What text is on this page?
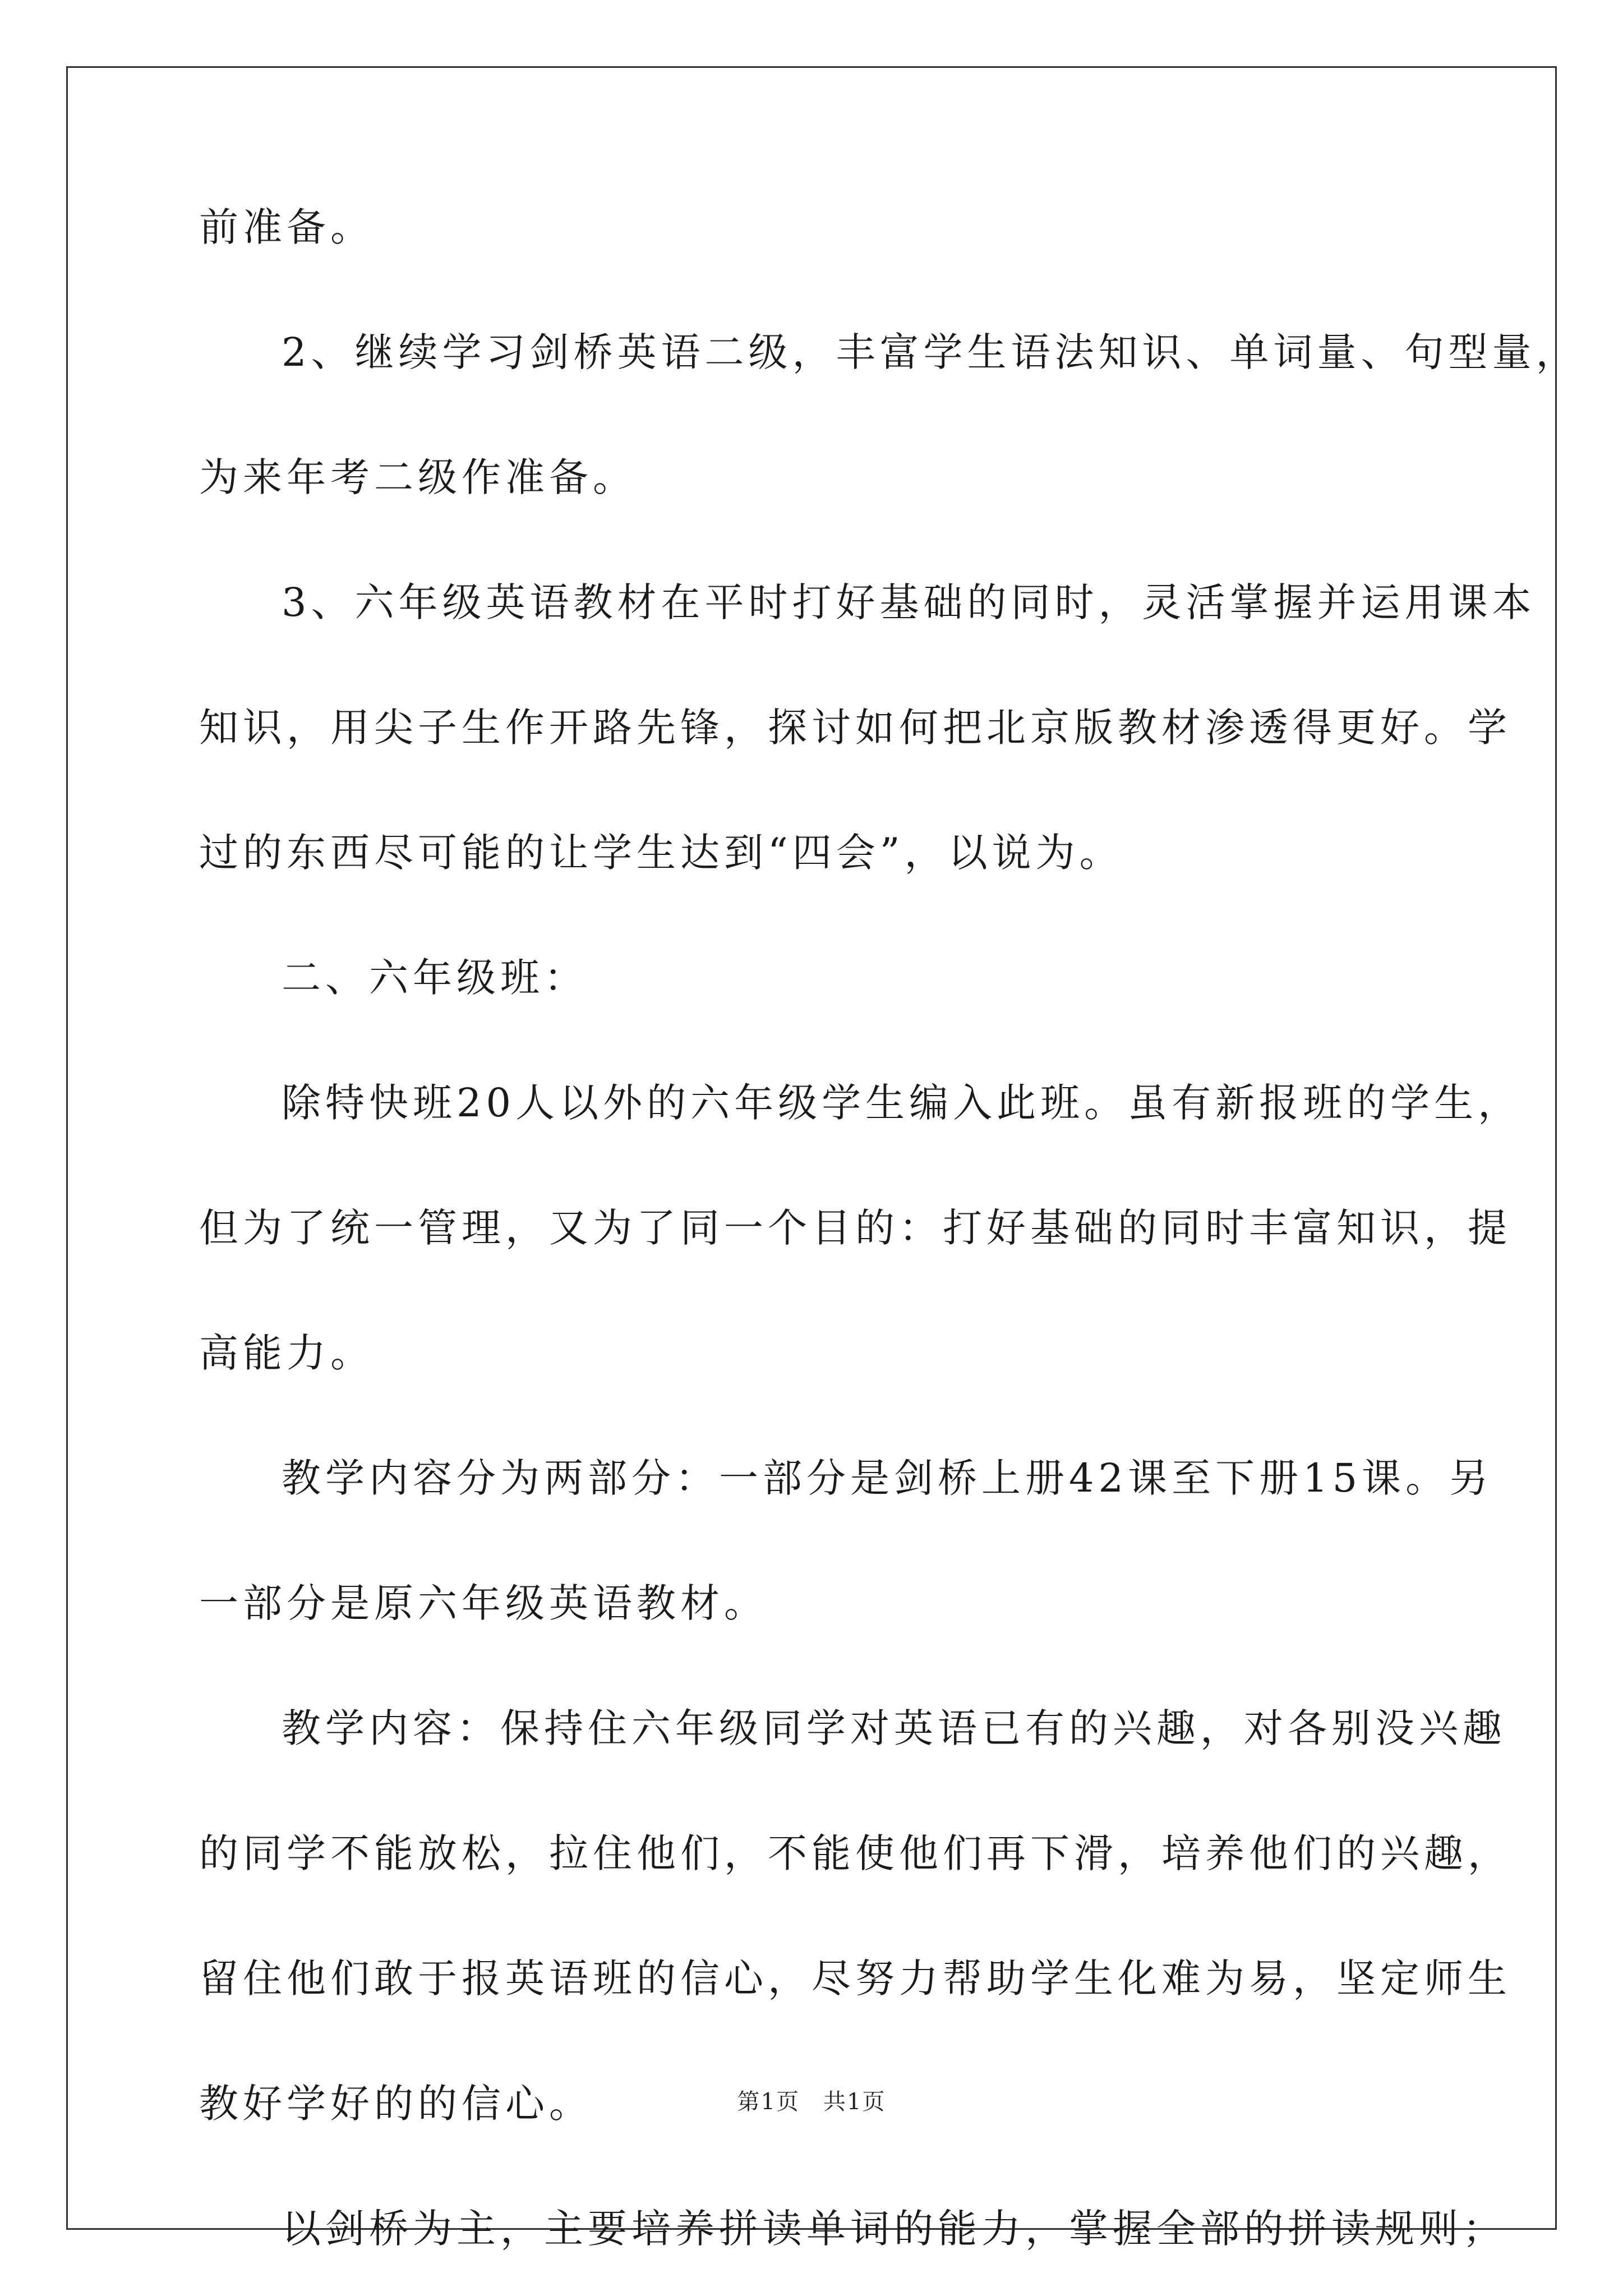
前准备。
2、继续学习剑桥英语二级，丰富学生语法知识、单词量、句型量，
为来年考二级作准备。
3、六年级英语教材在平时打好基础的同时，灵活掌握并运用课本
知识，用尖子生作开路先锋，探讨如何把北京版教材渗透得更好。学
过的东西尽可能的让学生达到“四会”，以说为。
二、六年级班：
除特快班20人以外的六年级学生编入此班。虽有新报班的学生，
但为了统一管理，又为了同一个目的：打好基础的同时丰富知识，提
高能力。
教学内容分为两部分：一部分是剑桥上册42课至下册15课。另
一部分是原六年级英语教材。
教学内容：保持住六年级同学对英语已有的兴趣，对各别没兴趣
的同学不能放松，拉住他们，不能使他们再下滑，培养他们的兴趣，
留住他们敢于报英语班的信心，尽努力帮助学生化难为易，坚定师生
教好学好的的信心。
以剑桥为主，主要培养拼读单词的能力，掌握全部的拼读规则；
第1页　共1页
